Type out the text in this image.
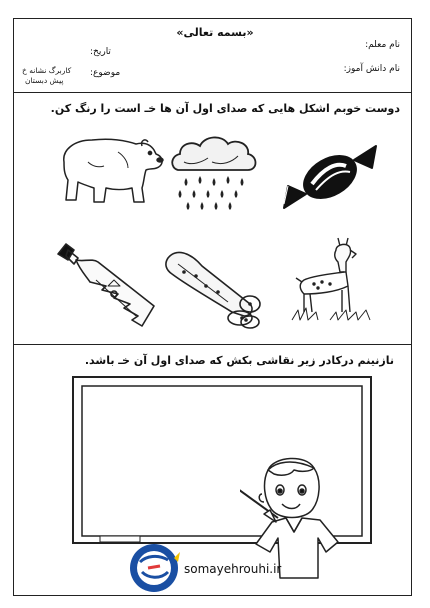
«بسمه تعالی»
نام معلم:
نام دانش آموز:
تاریخ:
موضوع:
کاربرگ نشانه خ
پیش دبستان
دوست خوبم اشکل هایی که صدای اول آن ها خـ است را رنگ کن.
نازنینم درکادر زیر نقاشی بکش که صدای اول آن خـ باشد.
somayehrouhi.ir
